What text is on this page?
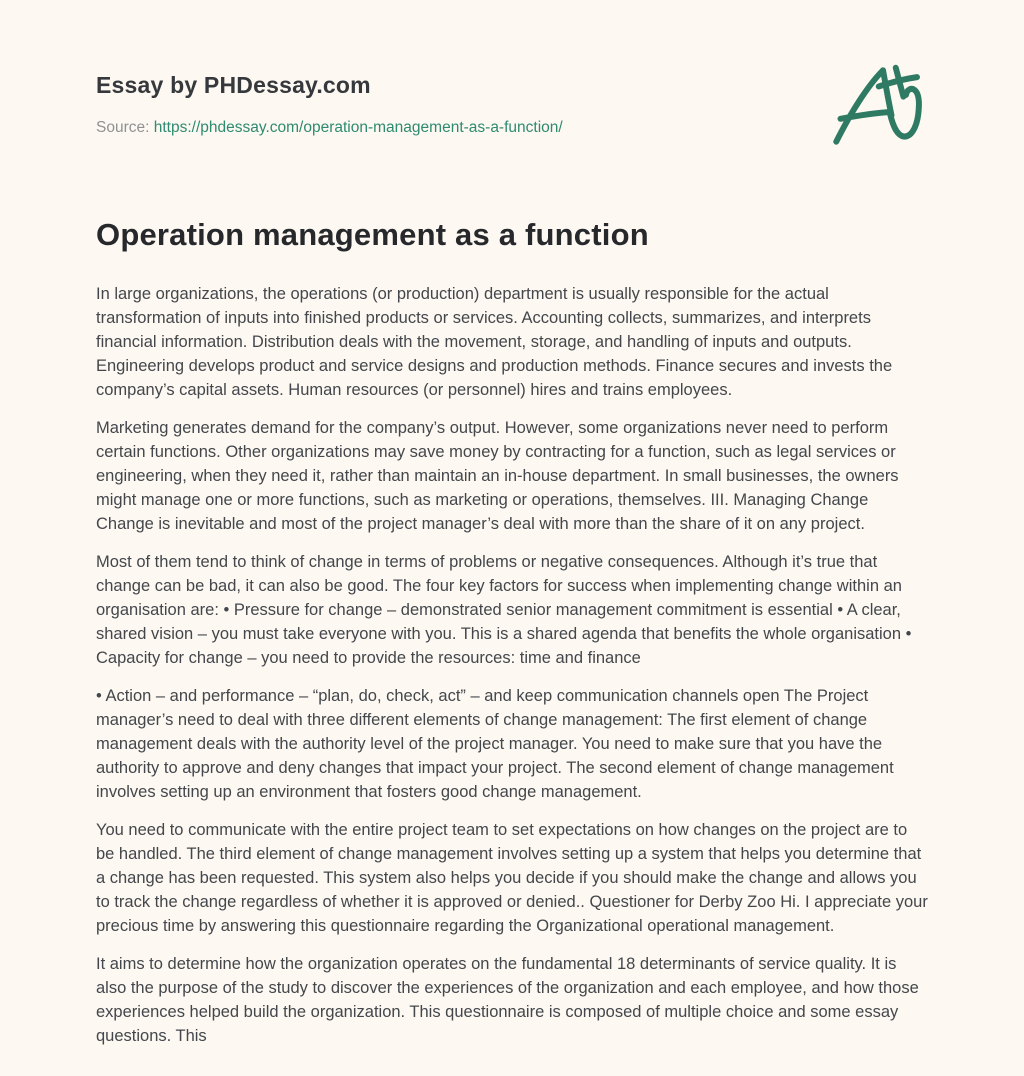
Essay by PHDessay.com
Source: https://phdessay.com/operation-management-as-a-function/
Operation management as a function

In large organizations, the operations (or production) department is usually responsible for the actual transformation of inputs into finished products or services. Accounting collects, summarizes, and interprets financial information. Distribution deals with the movement, storage, and handling of inputs and outputs. Engineering develops product and service designs and production methods. Finance secures and invests the company’s capital assets. Human resources (or personnel) hires and trains employees.

Marketing generates demand for the company’s output. However, some organizations never need to perform certain functions. Other organizations may save money by contracting for a function, such as legal services or engineering, when they need it, rather than maintain an in-house department. In small businesses, the owners might manage one or more functions, such as marketing or operations, themselves. III. Managing Change Change is inevitable and most of the project manager’s deal with more than the share of it on any project.

Most of them tend to think of change in terms of problems or negative consequences. Although it’s true that change can be bad, it can also be good. The four key factors for success when implementing change within an organisation are: • Pressure for change – demonstrated senior management commitment is essential • A clear, shared vision – you must take everyone with you. This is a shared agenda that benefits the whole organisation • Capacity for change – you need to provide the resources: time and finance

• Action – and performance – “plan, do, check, act” – and keep communication channels open The Project manager’s need to deal with three different elements of change management: The first element of change management deals with the authority level of the project manager. You need to make sure that you have the authority to approve and deny changes that impact your project. The second element of change management involves setting up an environment that fosters good change management.

You need to communicate with the entire project team to set expectations on how changes on the project are to be handled. The third element of change management involves setting up a system that helps you determine that a change has been requested. This system also helps you decide if you should make the change and allows you to track the change regardless of whether it is approved or denied.. Questioner for Derby Zoo Hi. I appreciate your precious time by answering this questionnaire regarding the Organizational operational management.

It aims to determine how the organization operates on the fundamental 18 determinants of service quality. It is also the purpose of the study to discover the experiences of the organization and each employee, and how those experiences helped build the organization. This questionnaire is composed of multiple choice and some essay questions. This
